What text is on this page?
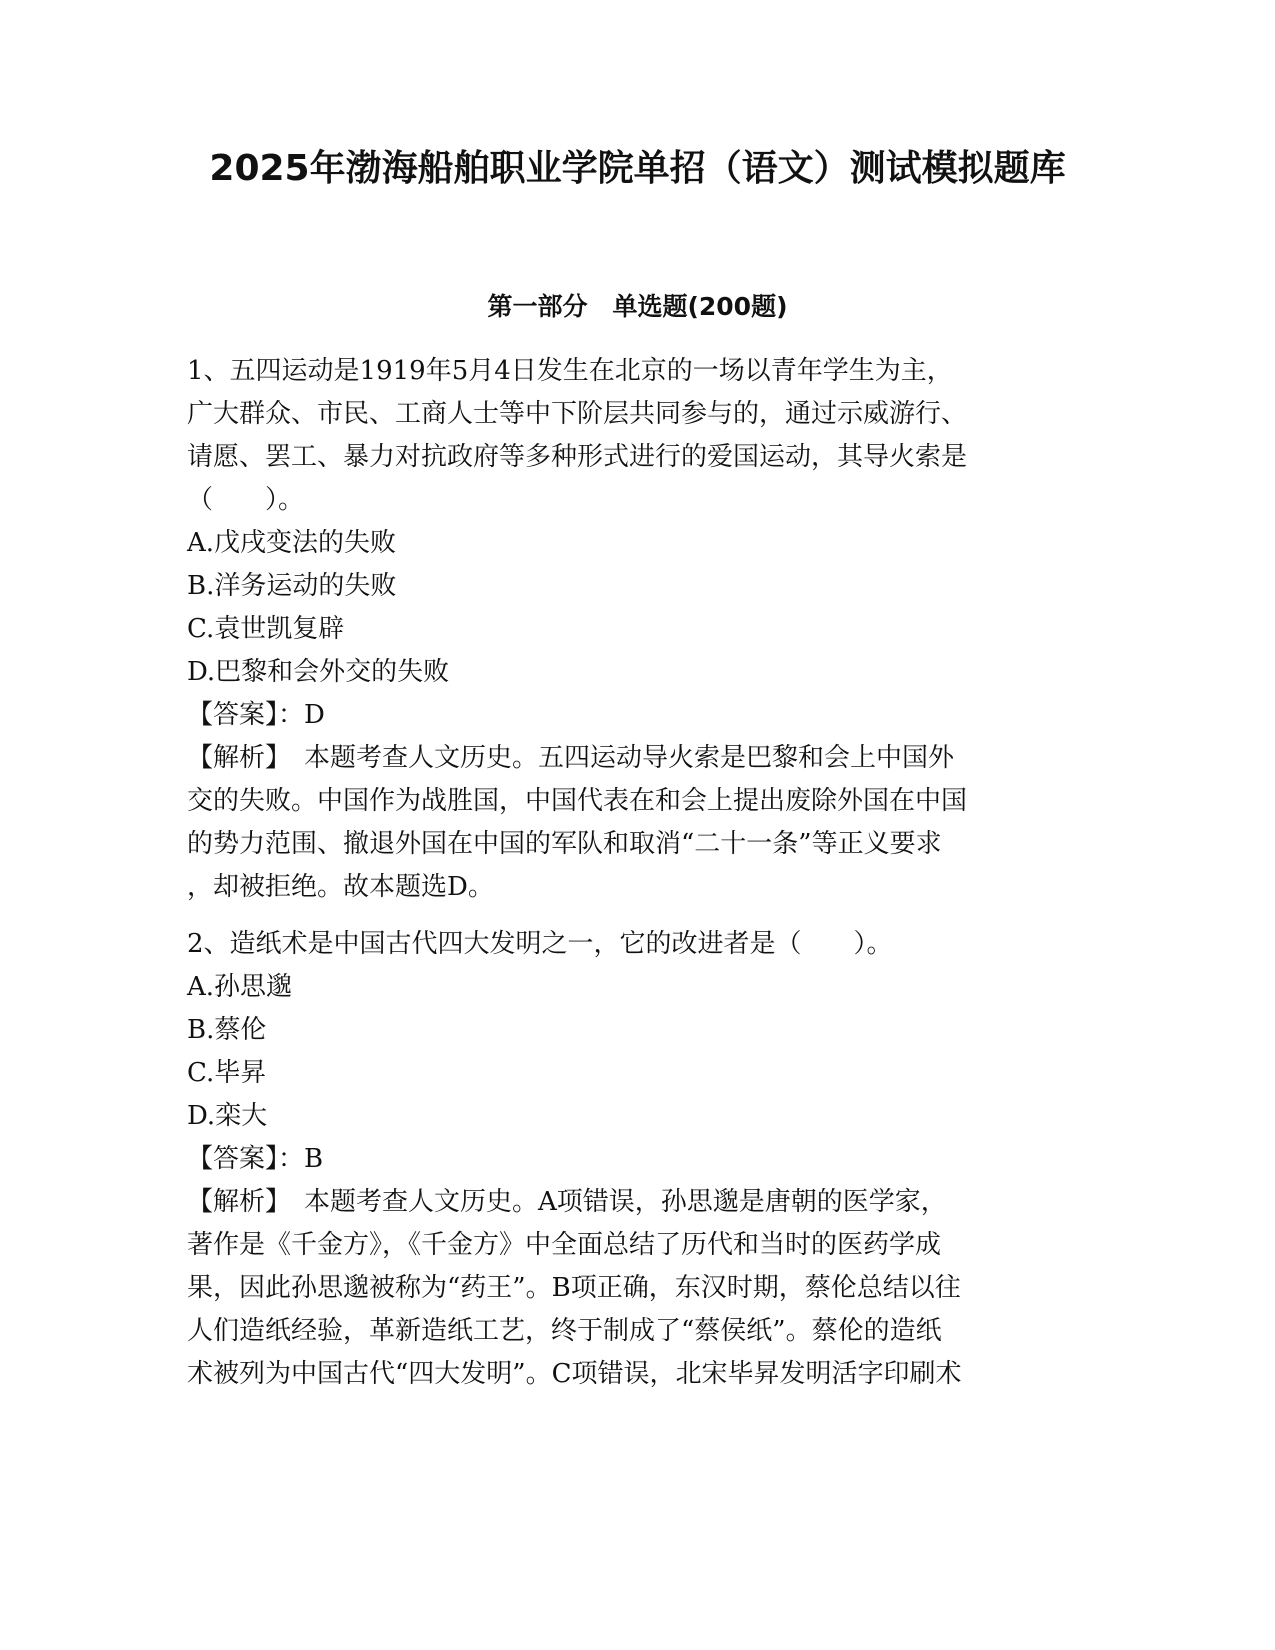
2025年渤海船舶职业学院单招（语文）测试模拟题库
第一部分　单选题(200题)
1、五四运动是1919年5月4日发生在北京的一场以青年学生为主，
广大群众、市民、工商人士等中下阶层共同参与的，通过示威游行、
请愿、罢工、暴力对抗政府等多种形式进行的爱国运动，其导火索是
（　　）。
A.戊戌变法的失败
B.洋务运动的失败
C.袁世凯复辟
D.巴黎和会外交的失败
【答案】：D
【解析】　本题考查人文历史。五四运动导火索是巴黎和会上中国外
交的失败。中国作为战胜国，中国代表在和会上提出废除外国在中国
的势力范围、撤退外国在中国的军队和取消“二十一条”等正义要求
，却被拒绝。故本题选D。
2、造纸术是中国古代四大发明之一，它的改进者是（　　）。
A.孙思邈
B.蔡伦
C.毕昇
D.栾大
【答案】：B
【解析】　本题考查人文历史。A项错误，孙思邈是唐朝的医学家，
著作是《千金方》，《千金方》中全面总结了历代和当时的医药学成
果，因此孙思邈被称为“药王”。B项正确，东汉时期，蔡伦总结以往
人们造纸经验，革新造纸工艺，终于制成了“蔡侯纸”。蔡伦的造纸
术被列为中国古代“四大发明”。C项错误，北宋毕昇发明活字印刷术
